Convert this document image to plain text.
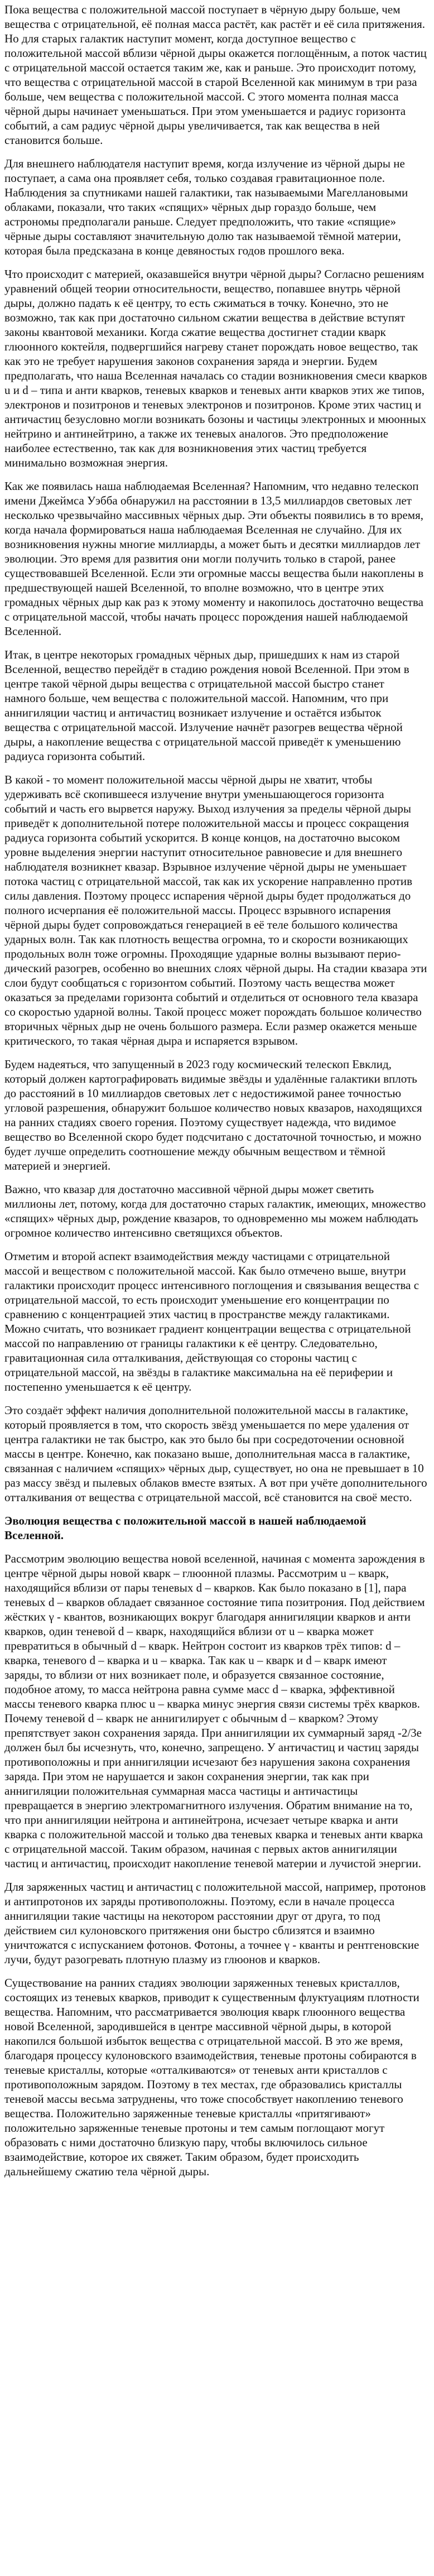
Пока вещества с положительной массой поступает в чёрную дыру больше, чем вещества с отрицательной, её полная масса растёт, как растёт и её сила притяжения. Но для старых галактик наступит момент, когда доступное вещество с положительной массой вблизи чёрной дыры окажется поглощённым, а поток частиц с отрицательной массой остается таким же, как и раньше. Это происходит потому, что вещества с отрицательной массой в старой Вселенной как минимум в три раза больше, чем вещества с положительной массой. С этого момента полная масса чёрной дыры начинает уменьшаться. При этом уменьшается и радиус горизонта событий, а сам радиус чёрной дыры увеличивается, так как вещества в ней становится больше.

Для внешнего наблюдателя наступит время, когда излучение из чёрной дыры не поступает, а сама она проявляет себя, только создавая гравитационное поле. Наблюдения за спутниками нашей галактики, так называемыми Магеллановыми облаками, показали, что таких «спящих» чёрных дыр гораздо больше, чем астрономы предполагали раньше. Следует предположить, что такие «спящие» чёрные дыры составляют значительную долю так называемой тёмной материи, которая была предсказана в конце девяностых годов прошлого века.

Что происходит с материей, оказавшейся внутри чёрной дыры? Согласно решениям уравнений общей теории относительности, вещество, попавшее внутрь чёрной дыры, должно падать к её центру, то есть сжиматься в точку. Конечно, это не возможно, так как при достаточно сильном сжатии вещества в действие вступят законы квантовой механики. Когда сжатие вещества достигнет стадии кварк глюонного коктейля, подвергшийся нагреву станет порождать новое вещество, так как это не требует нарушения законов сохранения заряда и энергии. Будем предполагать, что наша Вселенная началась со стадии возникновения смеси кварков u и d – типа и анти кварков, теневых кварков и теневых анти кварков этих же типов, электронов и позитронов и теневых электронов и позитронов. Кроме этих частиц и античастиц безусловно могли возникать бозоны и частицы электронных и мюонных нейтрино и антинейтрино, а также их теневых аналогов. Это предположение наиболее естественно, так как для возникновения этих частиц требуется минимально возможная энергия.

Как же появилась наша наблюдаемая Вселенная? Напомним, что недавно телескоп имени Джеймса Уэбба обнаружил на расстоянии в 13,5 миллиардов световых лет несколько чрезвычайно массивных чёрных дыр. Эти объекты появились в то время, когда начала формироваться наша наблюдаемая Вселенная не случайно. Для их возникновения нужны многие миллиарды, а может быть и десятки миллиардов лет эволюции. Это время для развития они могли получить только в старой, ранее существовавшей Вселенной. Если эти огромные массы вещества были накоплены в предшествующей нашей Вселенной, то вполне возможно, что в центре этих громадных чёрных дыр как раз к этому моменту и накопилось достаточно вещества с отрицательной массой, чтобы начать процесс порождения нашей наблюдаемой Вселенной.

Итак, в центре некоторых громадных чёрных дыр, пришедших к нам из старой Вселенной, вещество перейдёт в стадию рождения новой Вселенной. При этом в центре такой чёрной дыры вещества с отрицательной массой быстро станет намного больше, чем вещества с положительной массой. Напомним, что при аннигиляции частиц и античастиц возникает излучение и остаётся избыток вещества с отрицательной массой. Излучение начнёт разогрев вещества чёрной дыры, а накопление вещества с отрицательной массой приведёт к уменьшению радиуса горизонта событий.

В какой - то момент положительной массы чёрной дыры не хватит, чтобы удерживать всё скопившееся излучение внутри уменьшающегося горизонта событий и часть его вырвется наружу. Выход излучения за пределы чёрной дыры приведёт к дополнительной потере положительной массы и процесс сокращения радиуса горизонта событий ускорится. В конце концов, на достаточно высоком уровне выделения энергии наступит относительное равновесие и для внешнего наблюдателя возникнет квазар. Взрывное излучение чёрной дыры не уменьшает потока частиц с отрицательной массой, так как их ускорение направленно против силы давления. Поэтому процесс испарения чёрной дыры будет продолжаться до полного исчерпания её положительной массы. Процесс взрывного испарения чёрной дыры будет сопровождаться генерацией в её теле большого количества ударных волн. Так как плотность вещества огромна, то и скорости возникающих продольных волн тоже огромны. Проходящие ударные волны вызывают перио-дический разогрев, особенно во внешних слоях чёрной дыры. На стадии квазара эти слои будут сообщаться с горизонтом событий. Поэтому часть вещества может оказаться за пределами горизонта событий и отделиться от основного тела квазара со скоростью ударной волны. Такой процесс может порождать большое количество вторичных чёрных дыр не очень большого размера. Если размер окажется меньше критического, то такая чёрная дыра и испаряется взрывом.

Будем надеяться, что запущенный в 2023 году космический телескоп Евклид, который должен картографировать видимые звёзды и удалённые галактики вплоть до расстояний в 10 миллиардов световых лет с недостижимой ранее точностью угловой разрешения, обнаружит большое количество новых квазаров, находящихся на ранних стадиях своего горения. Поэтому существует надежда, что видимое вещество во Вселенной скоро будет подсчитано с достаточной точностью, и можно будет лучше определить соотношение между обычным веществом и тёмной материей и энергией.

Важно, что квазар для достаточно массивной чёрной дыры может светить миллионы лет, потому, когда для достаточно старых галактик, имеющих, множество «спящих» чёрных дыр, рождение квазаров, то одновременно мы можем наблюдать огромное количество интенсивно светящихся объектов.

Отметим и второй аспект взаимодействия между частицами с отрицательной массой и веществом с положительной массой. Как было отмечено выше, внутри галактики происходит процесс интенсивного поглощения и связывания вещества с отрицательной массой, то есть происходит уменьшение его концентрации по сравнению с концентрацией этих частиц в пространстве между галактиками. Можно считать, что возникает градиент концентрации вещества с отрицательной массой по направлению от границы галактики к её центру. Следовательно, гравитационная сила отталкивания, действующая со стороны частиц с отрицательной массой, на звёзды в галактике максимальна на её периферии и постепенно уменьшается к её центру.

Это создаёт эффект наличия дополнительной положительной массы в галактике, который проявляется в том, что скорость звёзд уменьшается по мере удаления от центра галактики не так быстро, как это было бы при сосредоточении основной массы в центре. Конечно, как показано выше, дополнительная масса в галактике, связанная с наличием «спящих» чёрных дыр, существует, но она не превышает в 10 раз массу звёзд и пылевых облаков вместе взятых. А вот при учёте дополнительного отталкивания от вещества с отрицательной массой, всё становится на своё место.

Эволюция вещества с положительной массой в нашей наблюдаемой Вселенной.

Рассмотрим эволюцию вещества новой вселенной, начиная с момента зарождения в центре чёрной дыры новой кварк – глюонной плазмы. Рассмотрим u – кварк, находящийся вблизи от пары теневых d – кварков. Как было показано в [1], пара теневых d – кварков обладает связанное состояние типа позитрония. Под действием жёстких γ - квантов, возникающих вокруг благодаря аннигиляции кварков и анти кварков, один теневой d – кварк, находящийся вблизи от u – кварка может превратиться в обычный d – кварк. Нейтрон состоит из кварков трёх типов: d – кварка, теневого d – кварка и u – кварка. Так как u – кварк и d – кварк имеют заряды, то вблизи от них возникает поле, и образуется связанное состояние, подобное атому, то масса нейтрона равна сумме масс d – кварка, эффективной массы теневого кварка плюс u – кварка минус энергия связи системы трёх кварков. Почему теневой d – кварк не аннигилирует с обычным d – кварком? Этому препятствует закон сохранения заряда. При аннигиляции их суммарный заряд -2/3e должен был бы исчезнуть, что, конечно, запрещено. У античастиц и частиц заряды противоположны и при аннигиляции исчезают без нарушения закона сохранения заряда. При этом не нарушается и закон сохранения энергии, так как при аннигиляции положительная суммарная масса частицы и античастицы превращается в энергию электромагнитного излучения. Обратим внимание на то, что при аннигиляции нейтрона и антинейтрона, исчезает четыре кварка и анти кварка с положительной массой и только два теневых кварка и теневых анти кварка с отрицательной массой. Таким образом, начиная с первых актов аннигиляции частиц и античастиц, происходит накопление теневой материи и лучистой энергии.

Для заряженных частиц и античастиц с положительной массой, например, протонов и антипротонов их заряды противоположны. Поэтому, если в начале процесса аннигиляции такие частицы на некотором расстоянии друг от друга, то под действием сил кулоновского притяжения они быстро сблизятся и взаимно уничтожатся с испусканием фотонов. Фотоны, а точнее γ - кванты и рентгеновские лучи, будут разогревать плотную плазму из глюонов и кварков.

Существование на ранних стадиях эволюции заряженных теневых кристаллов, состоящих из теневых кварков, приводит к существенным флуктуациям плотности вещества. Напомним, что рассматривается эволюция кварк глюонного вещества новой Вселенной, зародившейся в центре массивной чёрной дыры, в которой накопился большой избыток вещества с отрицательной массой. В это же время, благодаря процессу кулоновского взаимодействия, теневые протоны собираются в теневые кристаллы, которые «отталкиваются» от теневых анти кристаллов с противоположным зарядом. Поэтому в тех местах, где образовались кристаллы теневой массы весьма затруднены, что тоже способствует накоплению теневого вещества. Положительно заряженные теневые кристаллы «притягивают» положительно заряженные теневые протоны и тем самым поглощают могут образовать с ними достаточно близкую пару, чтобы включилось сильное взаимодействие, которое их свяжет. Таким образом, будет происходить дальнейшему сжатию тела чёрной дыры.
